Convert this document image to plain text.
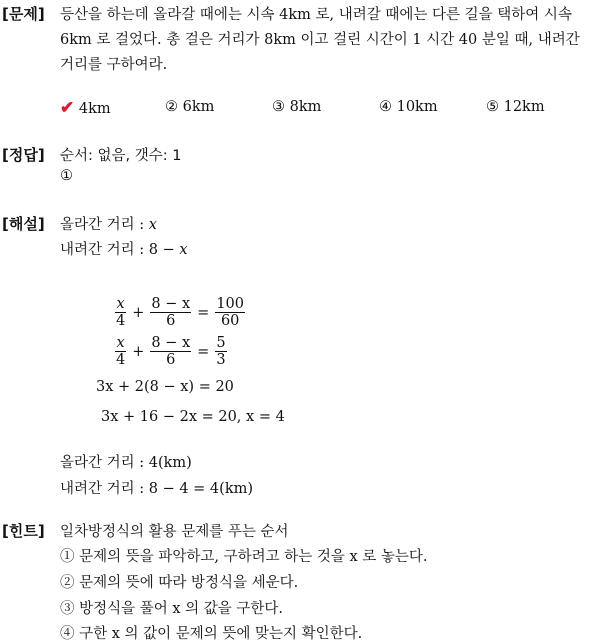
[문제] 등산을 하는데 올라갈 때에는 시속 4km 로, 내려갈 때에는 다른 길을 택하여 시속
6km 로 걸었다. 총 걸은 거리가 8km 이고 걸린 시간이 1 시간 40 분일 때, 내려간
거리를 구하여라.
✔ 4km	② 6km	③ 8km	④ 10km	⑤ 12km
[정답] 순서: 없음, 갯수: 1
①
[해설] 올라간 거리 : x
내려간 거리 : 8 − x
$\frac{x}{4} + \frac{8 - x}{6} = \frac{100}{60}$
$\frac{x}{4} + \frac{8 - x}{6} = \frac{5}{3}$
3x + 2(8 − x) = 20
3x + 16 − 2x = 20, x = 4
올라간 거리 : 4(km)
내려간 거리 : 8 − 4 = 4(km)
[힌트] 일차방정식의 활용 문제를 푸는 순서
① 문제의 뜻을 파악하고, 구하려고 하는 것을 x 로 놓는다.
② 문제의 뜻에 따라 방정식을 세운다.
③ 방정식을 풀어 x 의 값을 구한다.
④ 구한 x 의 값이 문제의 뜻에 맞는지 확인한다.
